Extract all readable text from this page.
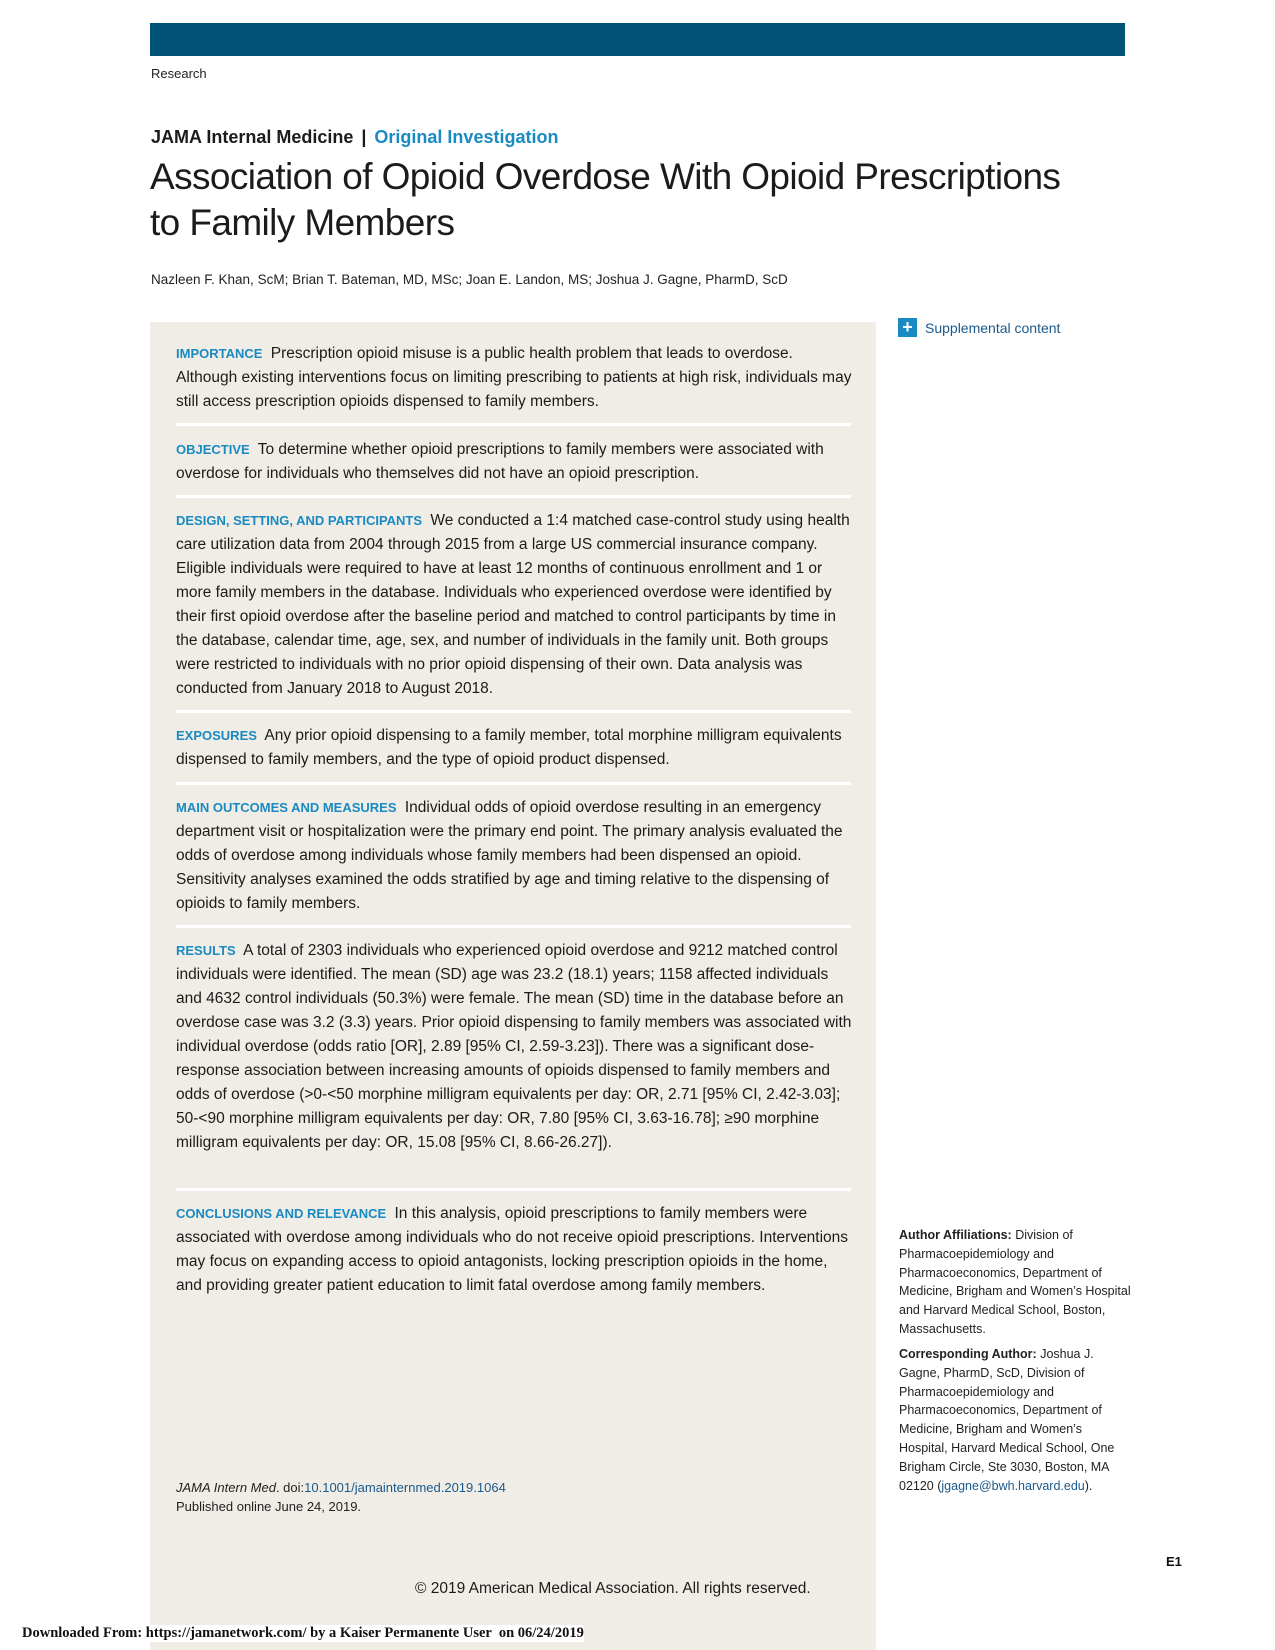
Research
JAMA Internal Medicine | Original Investigation
Association of Opioid Overdose With Opioid Prescriptions to Family Members
Nazleen F. Khan, ScM; Brian T. Bateman, MD, MSc; Joan E. Landon, MS; Joshua J. Gagne, PharmD, ScD
IMPORTANCE Prescription opioid misuse is a public health problem that leads to overdose. Although existing interventions focus on limiting prescribing to patients at high risk, individuals may still access prescription opioids dispensed to family members.
OBJECTIVE To determine whether opioid prescriptions to family members were associated with overdose for individuals who themselves did not have an opioid prescription.
DESIGN, SETTING, AND PARTICIPANTS We conducted a 1:4 matched case-control study using health care utilization data from 2004 through 2015 from a large US commercial insurance company. Eligible individuals were required to have at least 12 months of continuous enrollment and 1 or more family members in the database. Individuals who experienced overdose were identified by their first opioid overdose after the baseline period and matched to control participants by time in the database, calendar time, age, sex, and number of individuals in the family unit. Both groups were restricted to individuals with no prior opioid dispensing of their own. Data analysis was conducted from January 2018 to August 2018.
EXPOSURES Any prior opioid dispensing to a family member, total morphine milligram equivalents dispensed to family members, and the type of opioid product dispensed.
MAIN OUTCOMES AND MEASURES Individual odds of opioid overdose resulting in an emergency department visit or hospitalization were the primary end point. The primary analysis evaluated the odds of overdose among individuals whose family members had been dispensed an opioid. Sensitivity analyses examined the odds stratified by age and timing relative to the dispensing of opioids to family members.
RESULTS A total of 2303 individuals who experienced opioid overdose and 9212 matched control individuals were identified. The mean (SD) age was 23.2 (18.1) years; 1158 affected individuals and 4632 control individuals (50.3%) were female. The mean (SD) time in the database before an overdose case was 3.2 (3.3) years. Prior opioid dispensing to family members was associated with individual overdose (odds ratio [OR], 2.89 [95% CI, 2.59-3.23]). There was a significant dose-response association between increasing amounts of opioids dispensed to family members and odds of overdose (>0-<50 morphine milligram equivalents per day: OR, 2.71 [95% CI, 2.42-3.03]; 50-<90 morphine milligram equivalents per day: OR, 7.80 [95% CI, 3.63-16.78]; ≥90 morphine milligram equivalents per day: OR, 15.08 [95% CI, 8.66-26.27]).
CONCLUSIONS AND RELEVANCE In this analysis, opioid prescriptions to family members were associated with overdose among individuals who do not receive opioid prescriptions. Interventions may focus on expanding access to opioid antagonists, locking prescription opioids in the home, and providing greater patient education to limit fatal overdose among family members.
JAMA Intern Med. doi:10.1001/jamainternmed.2019.1064
Published online June 24, 2019.
© 2019 American Medical Association. All rights reserved.
+ Supplemental content
Author Affiliations: Division of Pharmacoepidemiology and Pharmacoeconomics, Department of Medicine, Brigham and Women’s Hospital and Harvard Medical School, Boston, Massachusetts.
Corresponding Author: Joshua J. Gagne, PharmD, ScD, Division of Pharmacoepidemiology and Pharmacoeconomics, Department of Medicine, Brigham and Women’s Hospital, Harvard Medical School, One Brigham Circle, Ste 3030, Boston, MA 02120 (jgagne@bwh.harvard.edu).
E1
Downloaded From: https://jamanetwork.com/ by a Kaiser Permanente User  on 06/24/2019
